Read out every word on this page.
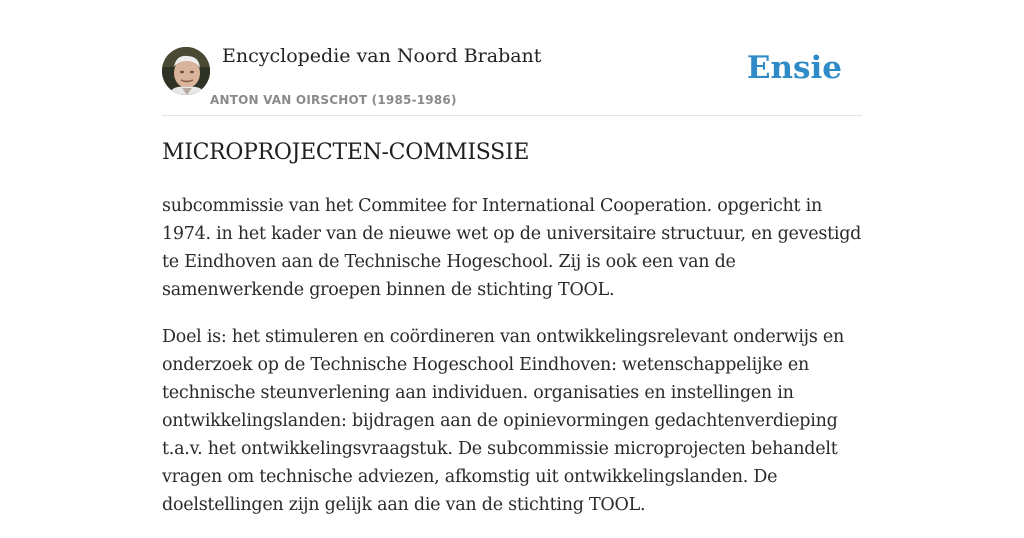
Encyclopedie van Noord Brabant
ANTON VAN OIRSCHOT (1985-1986)
Ensie
MICROPROJECTEN-COMMISSIE

subcommissie van het Commitee for International Cooperation. opgericht in 1974. in het kader van de nieuwe wet op de universitaire structuur, en gevestigd te Eindhoven aan de Technische Hogeschool. Zij is ook een van de samenwerkende groepen binnen de stichting TOOL.

Doel is: het stimuleren en coördineren van ontwikkelingsrelevant onderwijs en onderzoek op de Technische Hogeschool Eindhoven: wetenschappelijke en technische steunverlening aan individuen. organisaties en instellingen in ontwikkelingslanden: bijdragen aan de opinievormingen gedachtenverdieping t.a.v. het ontwikkelingsvraagstuk. De subcommissie microprojecten behandelt vragen om technische adviezen, afkomstig uit ontwikkelingslanden. De doelstellingen zijn gelijk aan die van de stichting TOOL.
